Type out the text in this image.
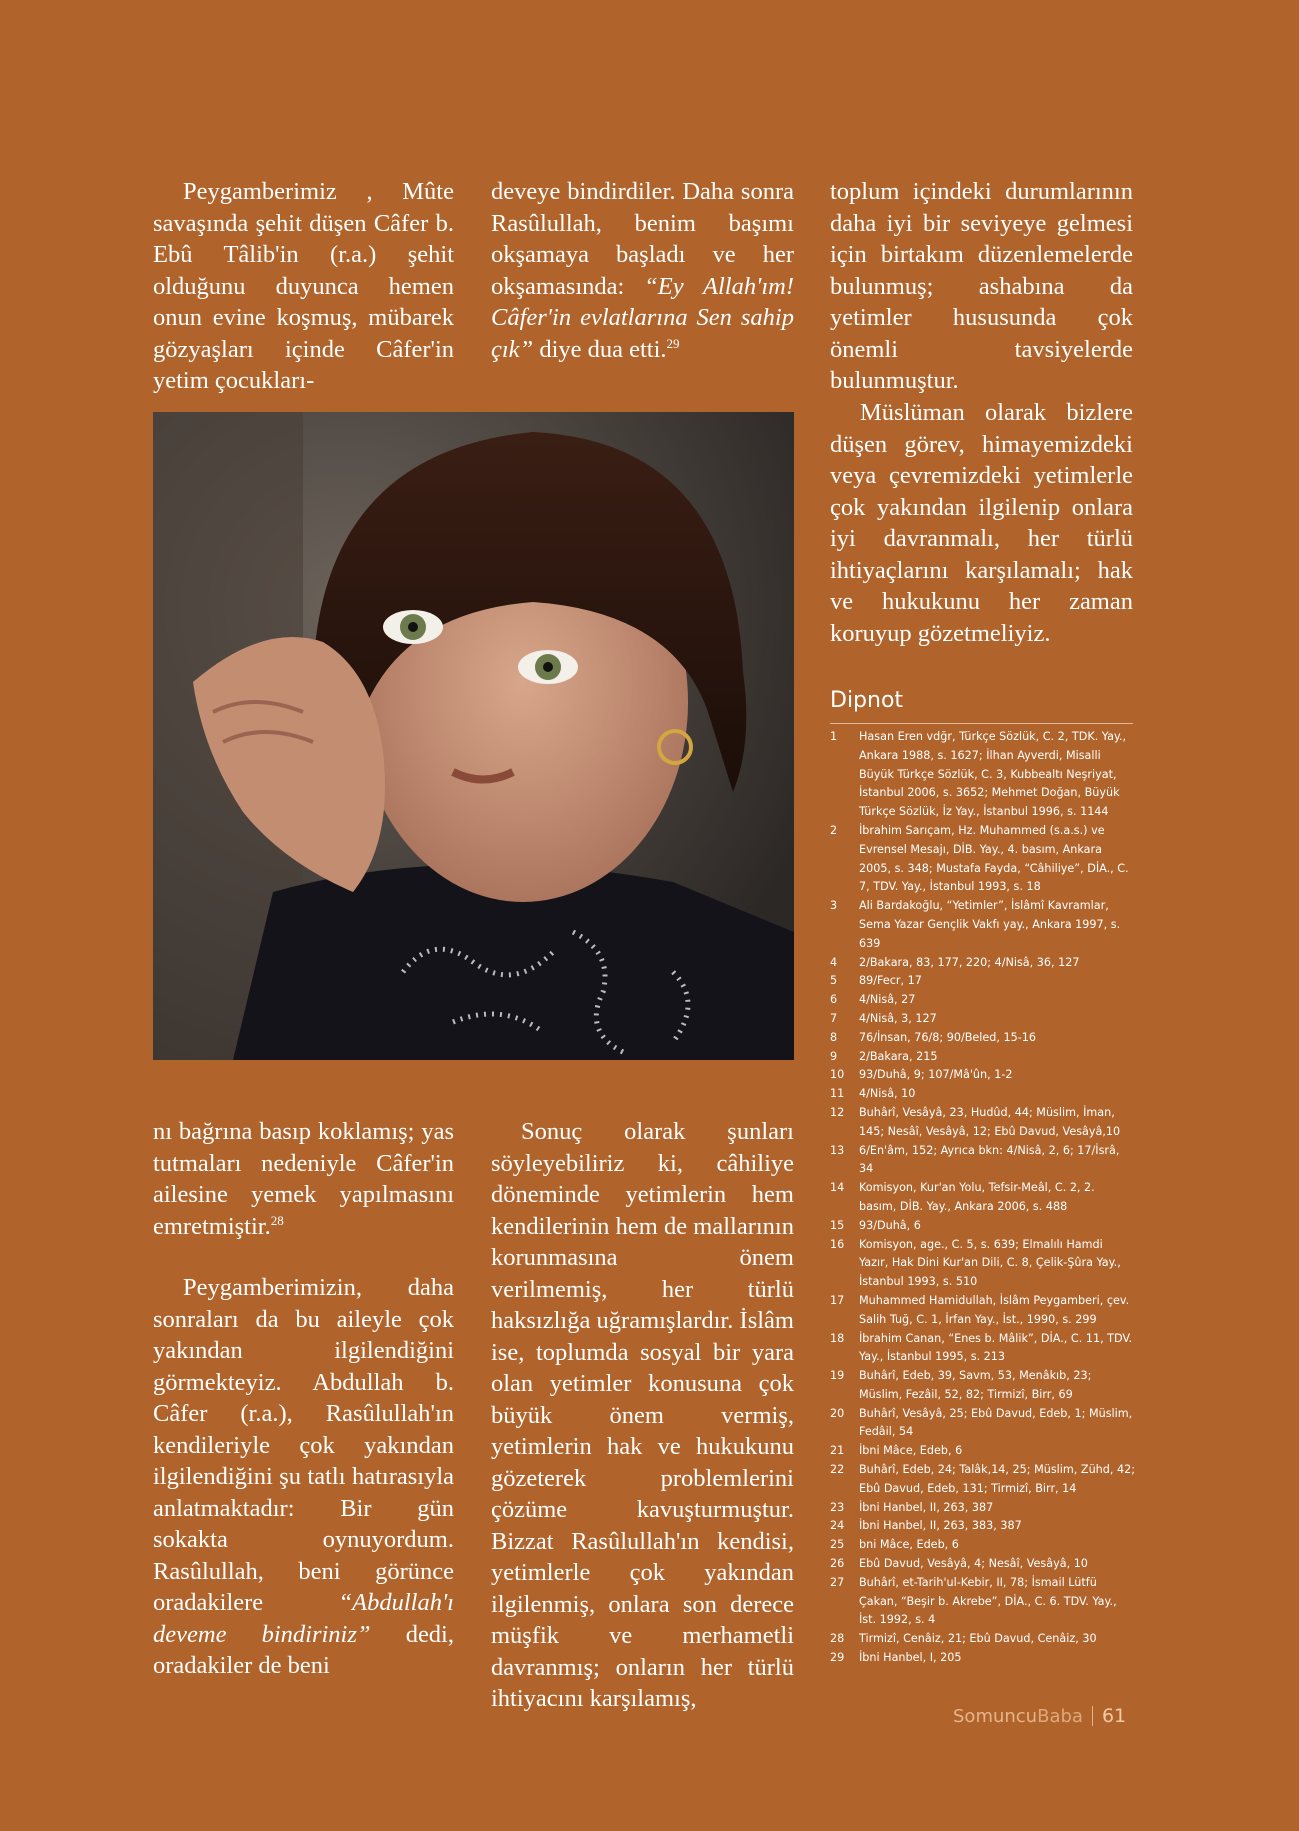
Peygamberimiz , Mûte savaşında şehit düşen Câfer b. Ebû Tâlib'in (r.a.) şehit olduğunu duyunca hemen onun evine koşmuş, mübarek gözyaşları içinde Câfer'in yetim çocukları-

deveye bindirdiler. Daha sonra Rasûlullah, benim başımı okşamaya başladı ve her okşamasında: “Ey Allah'ım! Câfer'in evlatlarına Sen sahip çık” diye dua etti.$^{29}$

toplum içindeki durumlarının daha iyi bir seviyeye gelmesi için birtakım düzenlemelerde bulunmuş; ashabına da yetimler hususunda çok önemli tavsiyelerde bulunmuştur.

Müslüman olarak bizlere düşen görev, himayemizdeki veya çevremizdeki yetimlerle çok yakından ilgilenip onlara iyi davranmalı, her türlü ihtiyaçlarını karşılamalı; hak ve hukukunu her zaman koruyup gözetmeliyiz.

nı bağrına basıp koklamış; yas tutmaları nedeniyle Câfer'in ailesine yemek yapılmasını emretmiştir.$^{28}$

Peygamberimizin, daha sonraları da bu aileyle çok yakından ilgilendiğini görmekteyiz. Abdullah b. Câfer (r.a.), Rasûlullah'ın kendileriyle çok yakından ilgilendiğini şu tatlı hatırasıyla anlatmaktadır: Bir gün sokakta oynuyordum. Rasûlullah, beni görünce oradakilere “Abdullah'ı deveme bindiriniz” dedi, oradakiler de beni

Sonuç olarak şunları söyleyebiliriz ki, câhiliye döneminde yetimlerin hem kendilerinin hem de mallarının korunmasına önem verilmemiş, her türlü haksızlığa uğramışlardır. İslâm ise, toplumda sosyal bir yara olan yetimler konusuna çok büyük önem vermiş, yetimlerin hak ve hukukunu gözeterek problemlerini çözüme kavuşturmuştur. Bizzat Rasûlullah'ın kendisi, yetimlerle çok yakından ilgilenmiş, onlara son derece müşfik ve merhametli davranmış; onların her türlü ihtiyacını karşılamış,

Dipnot
1	Hasan Eren vdğr, Türkçe Sözlük, C. 2, TDK. Yay., Ankara 1988, s. 1627; İlhan Ayverdi, Misalli Büyük Türkçe Sözlük, C. 3, Kubbealtı Neşriyat, İstanbul 2006, s. 3652; Mehmet Doğan, Büyük Türkçe Sözlük, İz Yay., İstanbul 1996, s. 1144
2	İbrahim Sarıçam, Hz. Muhammed (s.a.s.) ve Evrensel Mesajı, DİB. Yay., 4. basım, Ankara 2005, s. 348; Mustafa Fayda, “Câhiliye”, DİA., C. 7, TDV. Yay., İstanbul 1993, s. 18
3	Ali Bardakoğlu, “Yetimler”, İslâmî Kavramlar, Sema Yazar Gençlik Vakfı yay., Ankara 1997, s. 639
4	2/Bakara, 83, 177, 220; 4/Nisâ, 36, 127
5	89/Fecr, 17
6	4/Nisâ, 27
7	4/Nisâ, 3, 127
8	76/İnsan, 76/8; 90/Beled, 15-16
9	2/Bakara, 215
10	93/Duhâ, 9; 107/Mâ'ûn, 1-2
11	4/Nisâ, 10
12	Buhârî, Vesâyâ, 23, Hudûd, 44; Müslim, İman, 145; Nesâî, Vesâyâ, 12; Ebû Davud, Vesâyâ,10
13	6/En'âm, 152; Ayrıca bkn: 4/Nisâ, 2, 6; 17/İsrâ, 34
14	Komisyon, Kur'an Yolu, Tefsir-Meâl, C. 2, 2. basım, DİB. Yay., Ankara 2006, s. 488
15	93/Duhâ, 6
16	Komisyon, age., C. 5, s. 639; Elmalılı Hamdi Yazır, Hak Dini Kur'an Dili, C. 8, Çelik-Şûra Yay., İstanbul 1993, s. 510
17	Muhammed Hamidullah, İslâm Peygamberi, çev. Salih Tuğ, C. 1, İrfan Yay., İst., 1990, s. 299
18	İbrahim Canan, “Enes b. Mâlik”, DİA., C. 11, TDV. Yay., İstanbul 1995, s. 213
19	Buhârî, Edeb, 39, Savm, 53, Menâkıb, 23; Müslim, Fezâil, 52, 82; Tirmizî, Birr, 69
20	Buhârî, Vesâyâ, 25; Ebû Davud, Edeb, 1; Müslim, Fedâil, 54
21	İbni Mâce, Edeb, 6
22	Buhârî, Edeb, 24; Talâk,14, 25; Müslim, Zühd, 42; Ebû Davud, Edeb, 131; Tirmizî, Birr, 14
23	İbni Hanbel, II, 263, 387
24	İbni Hanbel, II, 263, 383, 387
25	bni Mâce, Edeb, 6
26	Ebû Davud, Vesâyâ, 4; Nesâî, Vesâyâ, 10
27	Buhârî, et-Tarih'ul-Kebir, II, 78; İsmail Lütfü Çakan, “Beşir b. Akrebe”, DİA., C. 6. TDV. Yay., İst. 1992, s. 4
28	Tirmizî, Cenâiz, 21; Ebû Davud, Cenâiz, 30
29	İbni Hanbel, I, 205
SomuncuBaba 61
